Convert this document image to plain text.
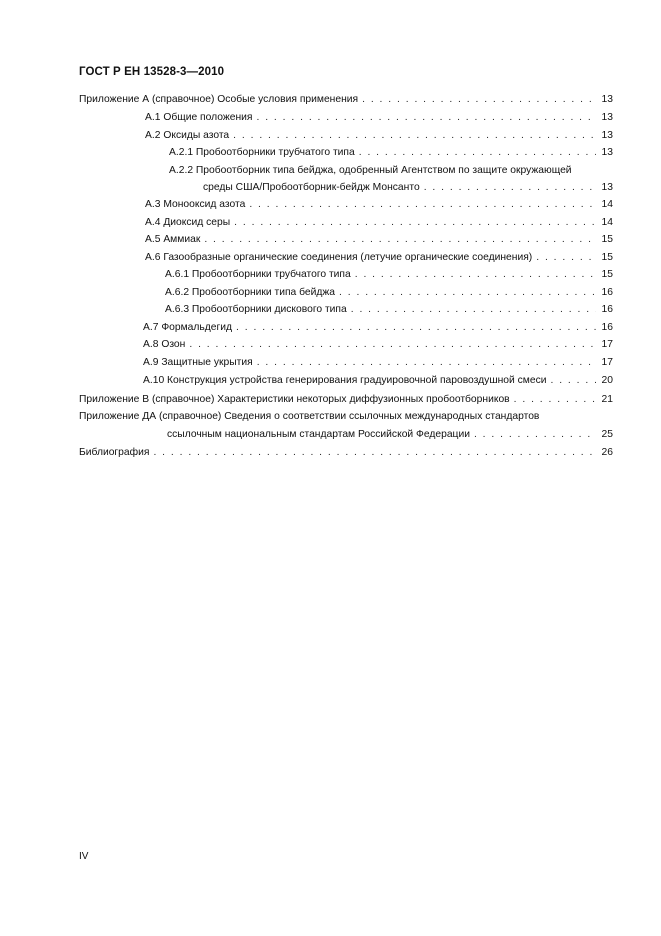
ГОСТ Р ЕН 13528-3—2010
Приложение А (справочное) Особые условия применения . . .	13
А.1 Общие положения . . .	13
А.2 Оксиды азота . . .	13
А.2.1 Пробоотборники трубчатого типа . . .	13
А.2.2 Пробоотборник типа бейджа, одобренный Агентством по защите окружающей
среды США/Пробоотборник-бейдж Монсанто . . .	13
А.3 Монооксид азота . . .	14
А.4 Диоксид серы . . .	14
А.5 Аммиак . . .	15
А.6 Газообразные органические соединения (летучие органические соединения) . . .	15
А.6.1 Пробоотборники трубчатого типа . . .	15
А.6.2 Пробоотборники типа бейджа . . .	16
А.6.3 Пробоотборники дискового типа . . .	16
А.7 Формальдегид . . .	16
А.8 Озон . . .	17
А.9 Защитные укрытия . . .	17
А.10 Конструкция устройства генерирования градуировочной паровоздушной смеси . . .	20
Приложение В (справочное) Характеристики некоторых диффузионных пробоотборников . . .	21
Приложение ДА (справочное) Сведения о соответствии ссылочных международных стандартов
ссылочным национальным стандартам Российской Федерации . . .	25
Библиография . . .	26
IV
